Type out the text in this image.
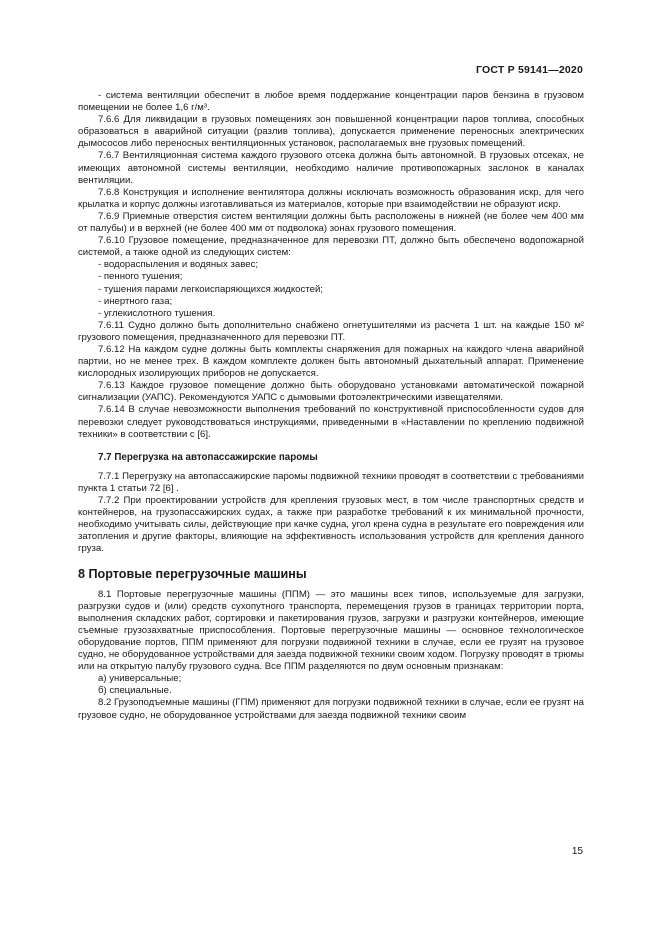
ГОСТ Р 59141—2020

- система вентиляции обеспечит в любое время поддержание концентрации паров бензина в грузовом помещении не более 1,6 г/м³.

7.6.6 Для ликвидации в грузовых помещениях зон повышенной концентрации паров топлива, способных образоваться в аварийной ситуации (разлив топлива), допускается применение переносных электрических дымососов либо переносных вентиляционных установок, располагаемых вне грузовых помещений.

7.6.7 Вентиляционная система каждого грузового отсека должна быть автономной. В грузовых отсеках, не имеющих автономной системы вентиляции, необходимо наличие противопожарных заслонок в каналах вентиляции.

7.6.8 Конструкция и исполнение вентилятора должны исключать возможность образования искр, для чего крылатка и корпус должны изготавливаться из материалов, которые при взаимодействии не образуют искр.

7.6.9 Приемные отверстия систем вентиляции должны быть расположены в нижней (не более чем 400 мм от палубы) и в верхней (не более 400 мм от подволока) зонах грузового помещения.

7.6.10 Грузовое помещение, предназначенное для перевозки ПТ, должно быть обеспечено водопожарной системой, а также одной из следующих систем:

- водораспыления и водяных завес;

- пенного тушения;

- тушения парами легкоиспаряющихся жидкостей;

- инертного газа;

- углекислотного тушения.

7.6.11 Судно должно быть дополнительно снабжено огнетушителями из расчета 1 шт. на каждые 150 м² грузового помещения, предназначенного для перевозки ПТ.

7.6.12 На каждом судне должны быть комплекты снаряжения для пожарных на каждого члена аварийной партии, но не менее трех. В каждом комплекте должен быть автономный дыхательный аппарат. Применение кислородных изолирующих приборов не допускается.

7.6.13 Каждое грузовое помещение должно быть оборудовано установками автоматической пожарной сигнализации (УАПС). Рекомендуются УАПС с дымовыми фотоэлектрическими извещателями.

7.6.14 В случае невозможности выполнения требований по конструктивной приспособленности судов для перевозки следует руководствоваться инструкциями, приведенными в «Наставлении по креплению подвижной техники» в соответствии с [6].

7.7 Перегрузка на автопассажирские паромы

7.7.1 Перегрузку на автопассажирские паромы подвижной техники проводят в соответствии с требованиями пункта 1 статьи 72 [6] .

7.7.2 При проектировании устройств для крепления грузовых мест, в том числе транспортных средств и контейнеров, на грузопассажирских судах, а также при разработке требований к их минимальной прочности, необходимо учитывать силы, действующие при качке судна, угол крена судна в результате его повреждения или затопления и другие факторы, влияющие на эффективность использования устройств для крепления данного груза.

8 Портовые перегрузочные машины

8.1 Портовые перегрузочные машины (ППМ) — это машины всех типов, используемые для загрузки, разгрузки судов и (или) средств сухопутного транспорта, перемещения грузов в границах территории порта, выполнения складских работ, сортировки и пакетирования грузов, загрузки и разгрузки контейнеров, имеющие съемные грузозахватные приспособления. Портовые перегрузочные машины — основное технологическое оборудование портов, ППМ применяют для погрузки подвижной техники в случае, если ее грузят на грузовое судно, не оборудованное устройствами для заезда подвижной техники своим ходом. Погрузку проводят в трюмы или на открытую палубу грузового судна. Все ППМ разделяются по двум основным признакам:

а) универсальные;

б) специальные.

8.2 Грузоподъемные машины (ГПМ) применяют для погрузки подвижной техники в случае, если ее грузят на грузовое судно, не оборудованное устройствами для заезда подвижной техники своим

15
